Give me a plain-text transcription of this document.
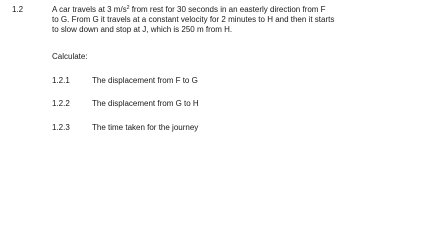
1.2	A car travels at 3 $m/s^2$ from rest for 30 seconds in an easterly direction from F
to G. From G it travels at a constant velocity for 2 minutes to H and then it starts
to slow down and stop at J, which is 250 m from H.
Calculate:
1.2.1	The displacement from F to G
1.2.2	The displacement from G to H
1.2.3	The time taken for the journey
